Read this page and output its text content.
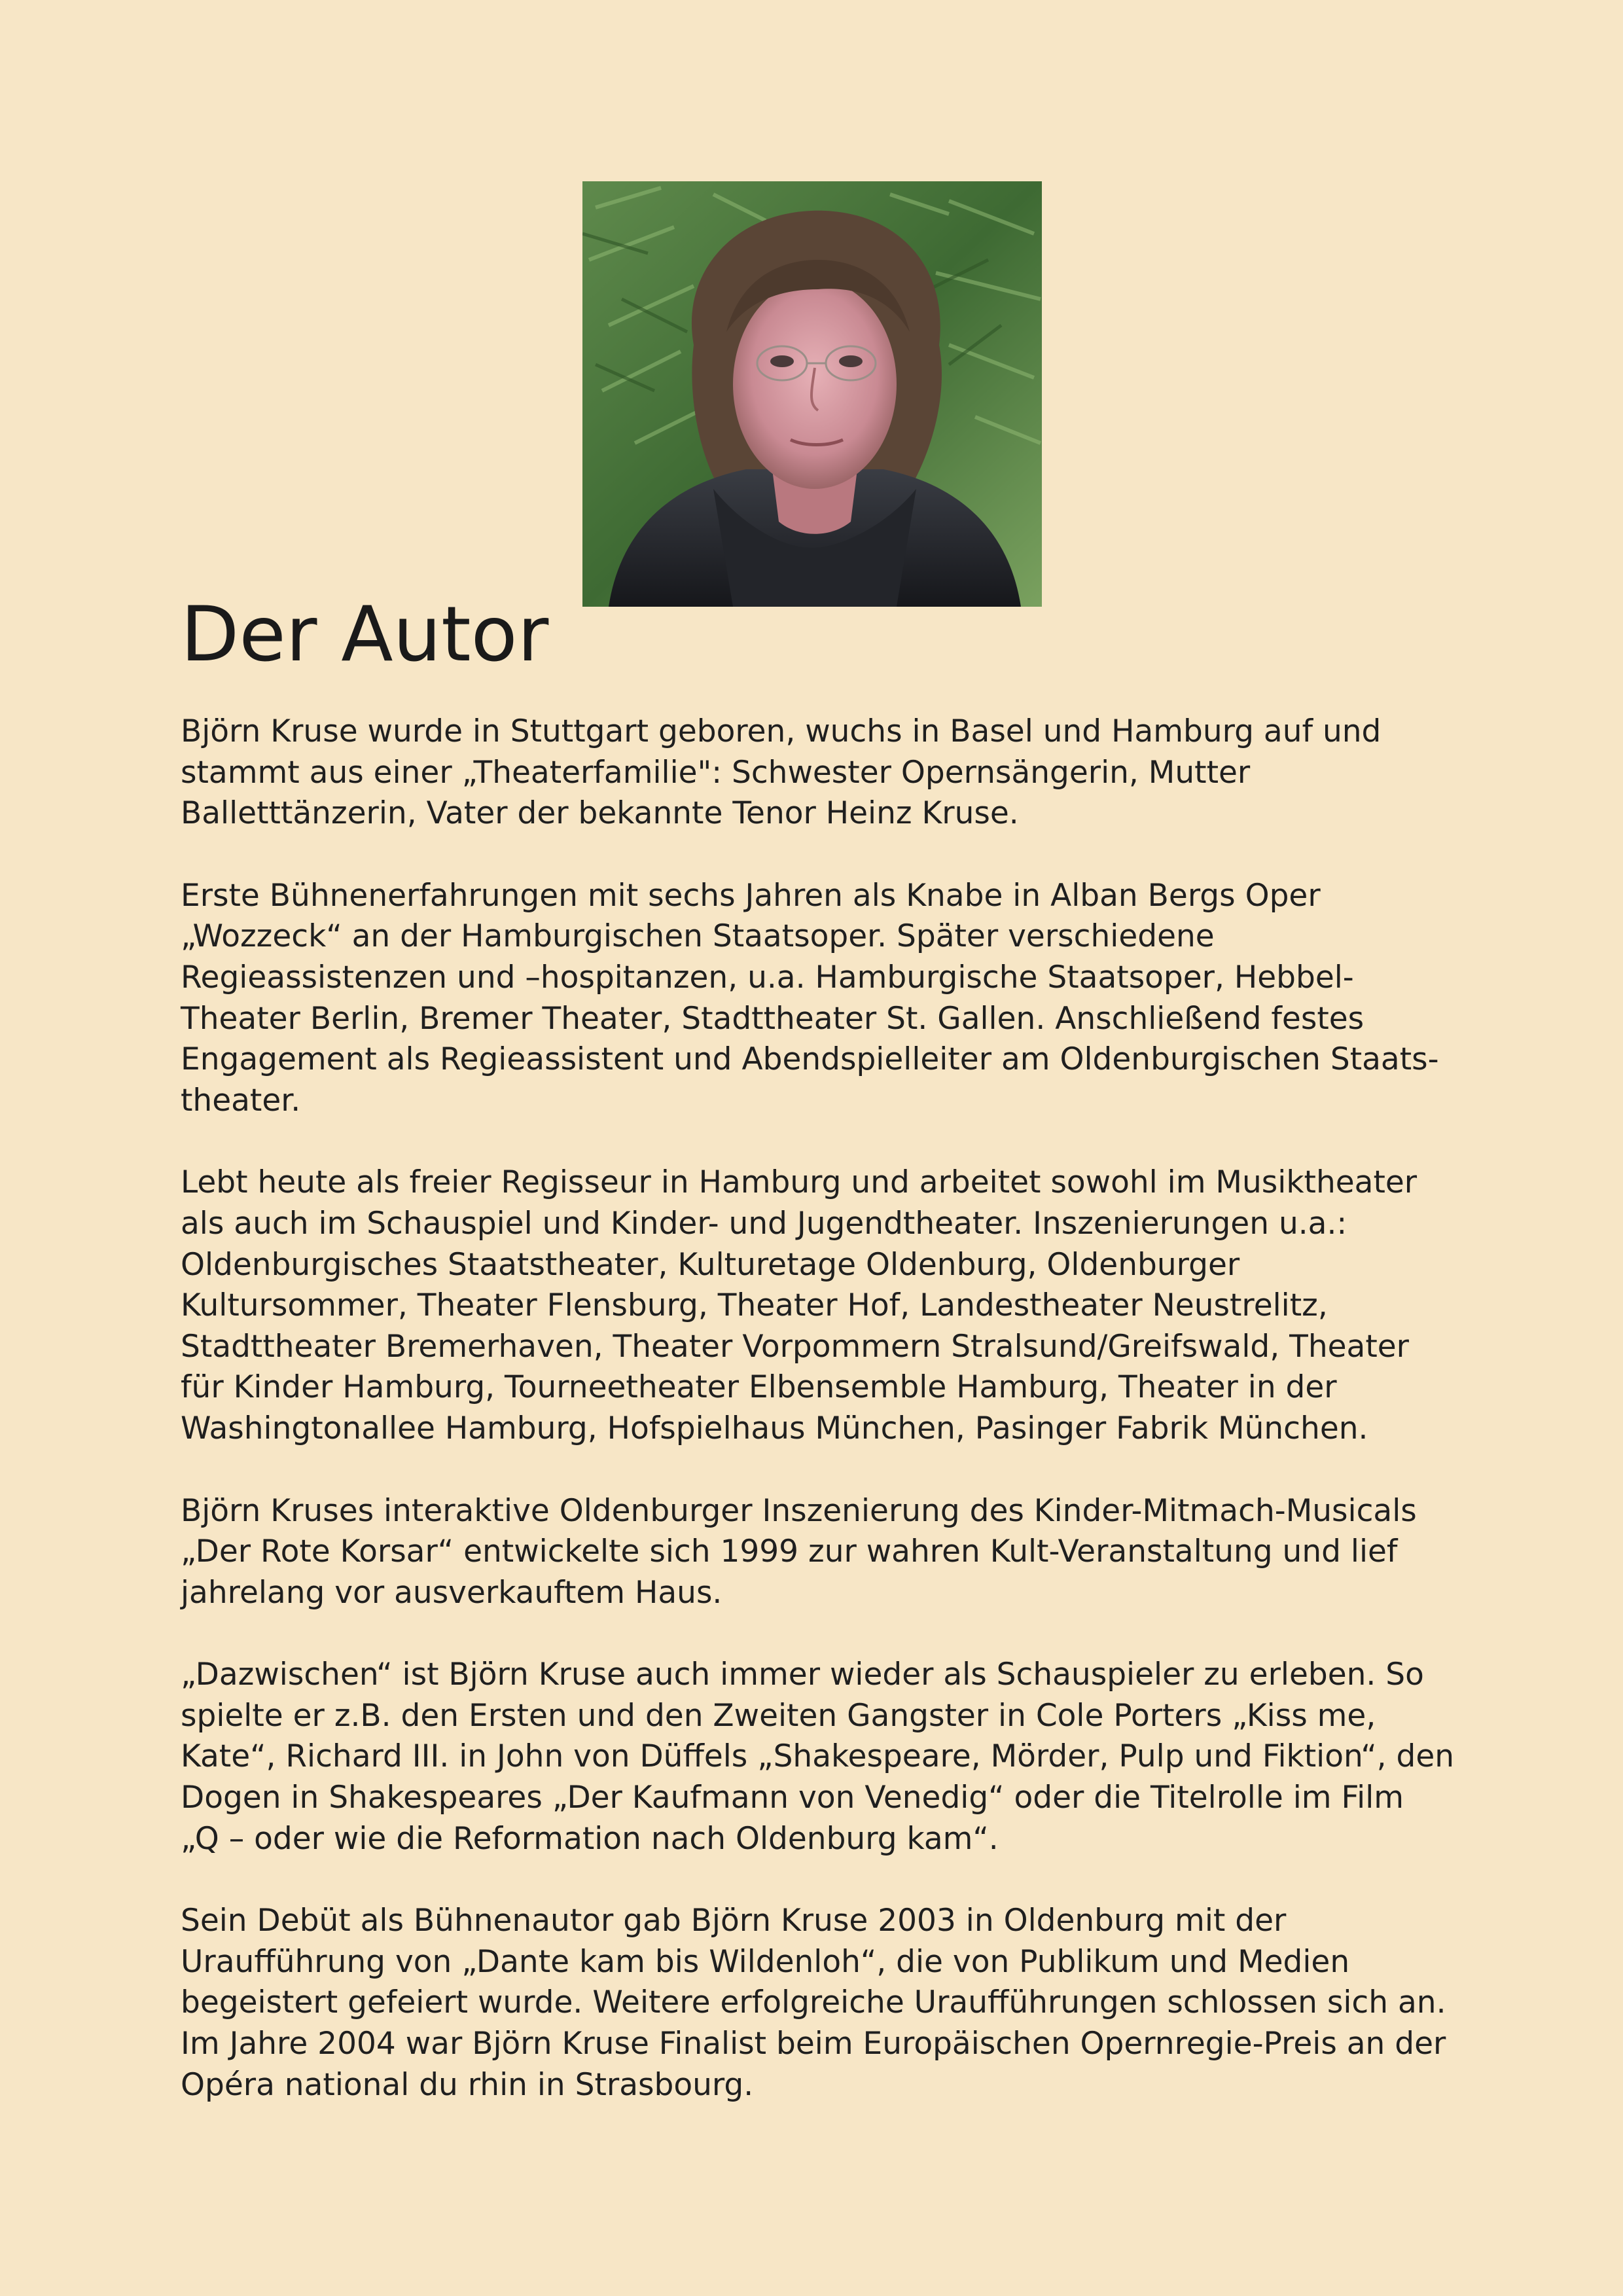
Der Autor

Björn Kruse wurde in Stuttgart geboren, wuchs in Basel und Hamburg auf und
stammt aus einer „Theaterfamilie": Schwester Opernsängerin, Mutter
Balletttänzerin, Vater der bekannte Tenor Heinz Kruse.

Erste Bühnenerfahrungen mit sechs Jahren als Knabe in Alban Bergs Oper
„Wozzeck“ an der Hamburgischen Staatsoper. Später verschiedene
Regieassistenzen und –hospitanzen, u.a. Hamburgische Staatsoper, Hebbel-
Theater Berlin, Bremer Theater, Stadttheater St. Gallen. Anschließend festes
Engagement als Regieassistent und Abendspielleiter am Oldenburgischen Staats-
theater.

Lebt heute als freier Regisseur in Hamburg und arbeitet sowohl im Musiktheater
als auch im Schauspiel und Kinder- und Jugendtheater. Inszenierungen u.a.:
Oldenburgisches Staatstheater, Kulturetage Oldenburg, Oldenburger
Kultursommer, Theater Flensburg, Theater Hof, Landestheater Neustrelitz,
Stadttheater Bremerhaven, Theater Vorpommern Stralsund/Greifswald, Theater
für Kinder Hamburg, Tourneetheater Elbensemble Hamburg, Theater in der
Washingtonallee Hamburg, Hofspielhaus München, Pasinger Fabrik München.

Björn Kruses interaktive Oldenburger Inszenierung des Kinder-Mitmach-Musicals
„Der Rote Korsar“ entwickelte sich 1999 zur wahren Kult-Veranstaltung und lief
jahrelang vor ausverkauftem Haus.

„Dazwischen“ ist Björn Kruse auch immer wieder als Schauspieler zu erleben. So
spielte er z.B. den Ersten und den Zweiten Gangster in Cole Porters „Kiss me,
Kate“, Richard III. in John von Düffels „Shakespeare, Mörder, Pulp und Fiktion“, den
Dogen in Shakespeares „Der Kaufmann von Venedig“ oder die Titelrolle im Film
„Q – oder wie die Reformation nach Oldenburg kam“.

Sein Debüt als Bühnenautor gab Björn Kruse 2003 in Oldenburg mit der
Uraufführung von „Dante kam bis Wildenloh“, die von Publikum und Medien
begeistert gefeiert wurde. Weitere erfolgreiche Uraufführungen schlossen sich an.
Im Jahre 2004 war Björn Kruse Finalist beim Europäischen Opernregie-Preis an der
Opéra national du rhin in Strasbourg.
